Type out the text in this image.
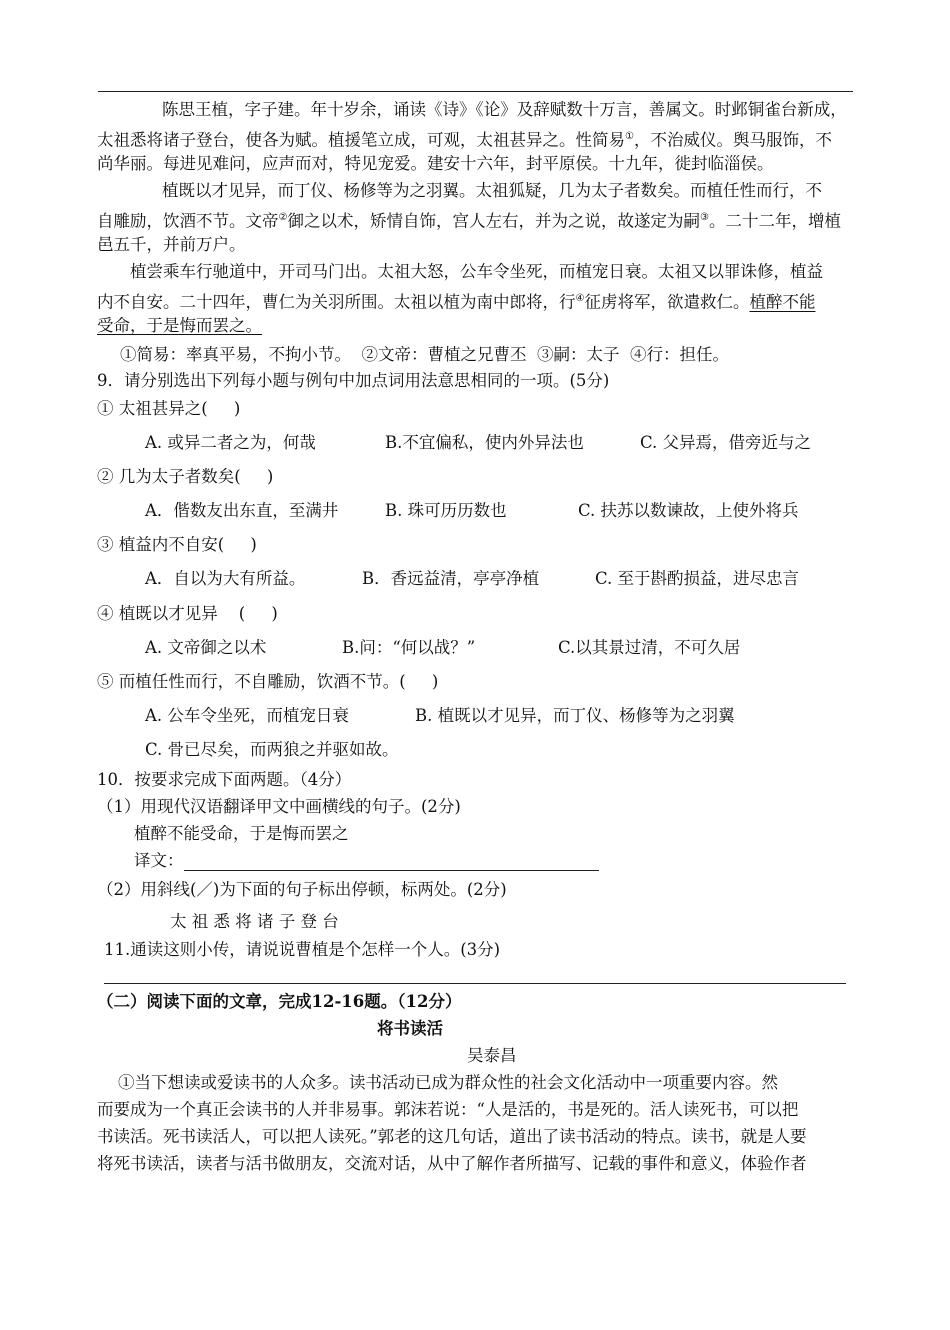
陈思王植，字子建。年十岁余，诵读《诗》《论》及辞赋数十万言，善属文。时邺铜雀台新成，
太祖悉将诸子登台，使各为赋。植援笔立成，可观，太祖甚异之。性简易①，不治威仪。舆马服饰，不
尚华丽。每进见难问，应声而对，特见宠爱。建安十六年，封平原侯。十九年，徙封临淄侯。
植既以才见异，而丁仪、杨修等为之羽翼。太祖狐疑，几为太子者数矣。而植任性而行，不
自雕励，饮酒不节。文帝②御之以术，矫情自饰，宫人左右，并为之说，故遂定为嗣③。二十二年，增植
邑五千，并前万户。
植尝乘车行驰道中，开司马门出。太祖大怒，公车令坐死，而植宠日衰。太祖又以罪诛修，植益
内不自安。二十四年，曹仁为关羽所围。太祖以植为南中郎将，行④征虏将军，欲遣救仁。植醉不能
受命，于是悔而罢之。
①简易：率真平易，不拘小节。  ②文帝：曹植之兄曹丕  ③嗣：太子  ④行：担任。
9．请分别选出下列每小题与例句中加点词用法意思相同的一项。(5分)
① 太祖甚异之(     )
A. 或异二者之为，何哉	B.不宜偏私，使内外异法也	C. 父异焉，借旁近与之
② 几为太子者数矣(     )
A．偕数友出东直，至满井	B. 珠可历历数也	C. 扶苏以数谏故，上使外将兵
③ 植益内不自安(     )
A．自以为大有所益。	B．香远益清，亭亭净植	C. 至于斟酌损益，进尽忠言
④ 植既以才见异    (     )
A. 文帝御之以术	B.问：“何以战？”	C.以其景过清，不可久居
⑤ 而植任性而行，不自雕励，饮酒不节。(     )
A. 公车令坐死，而植宠日衰	B. 植既以才见异，而丁仪、杨修等为之羽翼
C. 骨已尽矣，而两狼之并驱如故。
10．按要求完成下面两题。（4分）
（1）用现代汉语翻译甲文中画横线的句子。(2分)
植醉不能受命，于是悔而罢之
译文：
（2）用斜线(／)为下面的句子标出停顿，标两处。(2分)
太 祖 悉 将 诸 子 登 台
11.通读这则小传，请说说曹植是个怎样一个人。(3分)
（二）阅读下面的文章，完成12-16题。（12分）
将书读活
吴泰昌
①当下想读或爱读书的人众多。读书活动已成为群众性的社会文化活动中一项重要内容。然
而要成为一个真正会读书的人并非易事。郭沫若说：“人是活的，书是死的。活人读死书，可以把
书读活。死书读活人，可以把人读死。”郭老的这几句话，道出了读书活动的特点。读书，就是人要
将死书读活，读者与活书做朋友，交流对话，从中了解作者所描写、记载的事件和意义，体验作者
